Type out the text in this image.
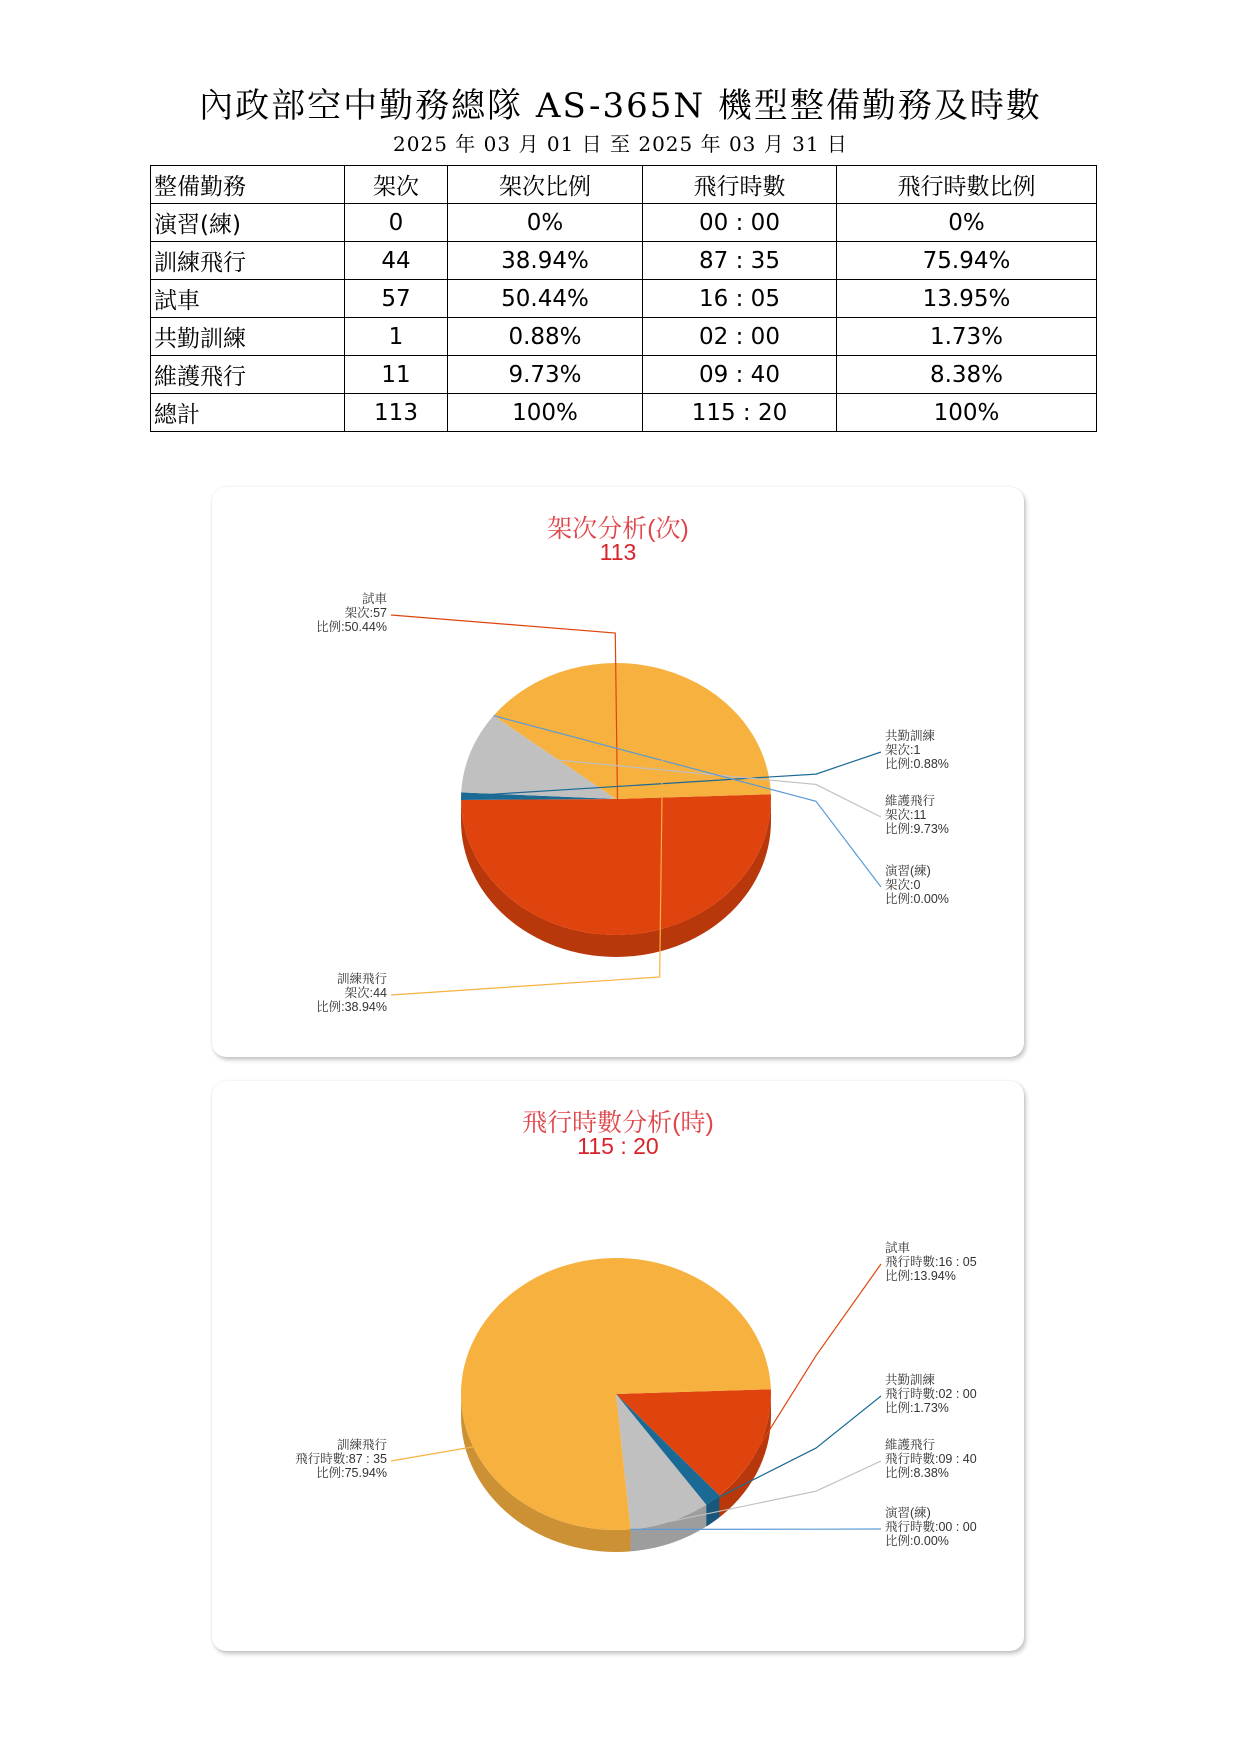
內政部空中勤務總隊 AS-365N 機型整備勤務及時數
2025 年 03 月 01 日 至 2025 年 03 月 31 日
整備勤務	架次	架次比例	飛行時數	飛行時數比例
演習(練)	0	0%	00 : 00	0%
訓練飛行	44	38.94%	87 : 35	75.94%
試車	57	50.44%	16 : 05	13.95%
共勤訓練	1	0.88%	02 : 00	1.73%
維護飛行	11	9.73%	09 : 40	8.38%
總計	113	100%	115 : 20	100%
架次分析(次)
113
試車
架次:57
比例:50.44%
共勤訓練
架次:1
比例:0.88%
維護飛行
架次:11
比例:9.73%
演習(練)
架次:0
比例:0.00%
訓練飛行
架次:44
比例:38.94%
飛行時數分析(時)
115 : 20
試車
飛行時數:16 : 05
比例:13.94%
共勤訓練
飛行時數:02 : 00
比例:1.73%
維護飛行
飛行時數:09 : 40
比例:8.38%
演習(練)
飛行時數:00 : 00
比例:0.00%
訓練飛行
飛行時數:87 : 35
比例:75.94%
